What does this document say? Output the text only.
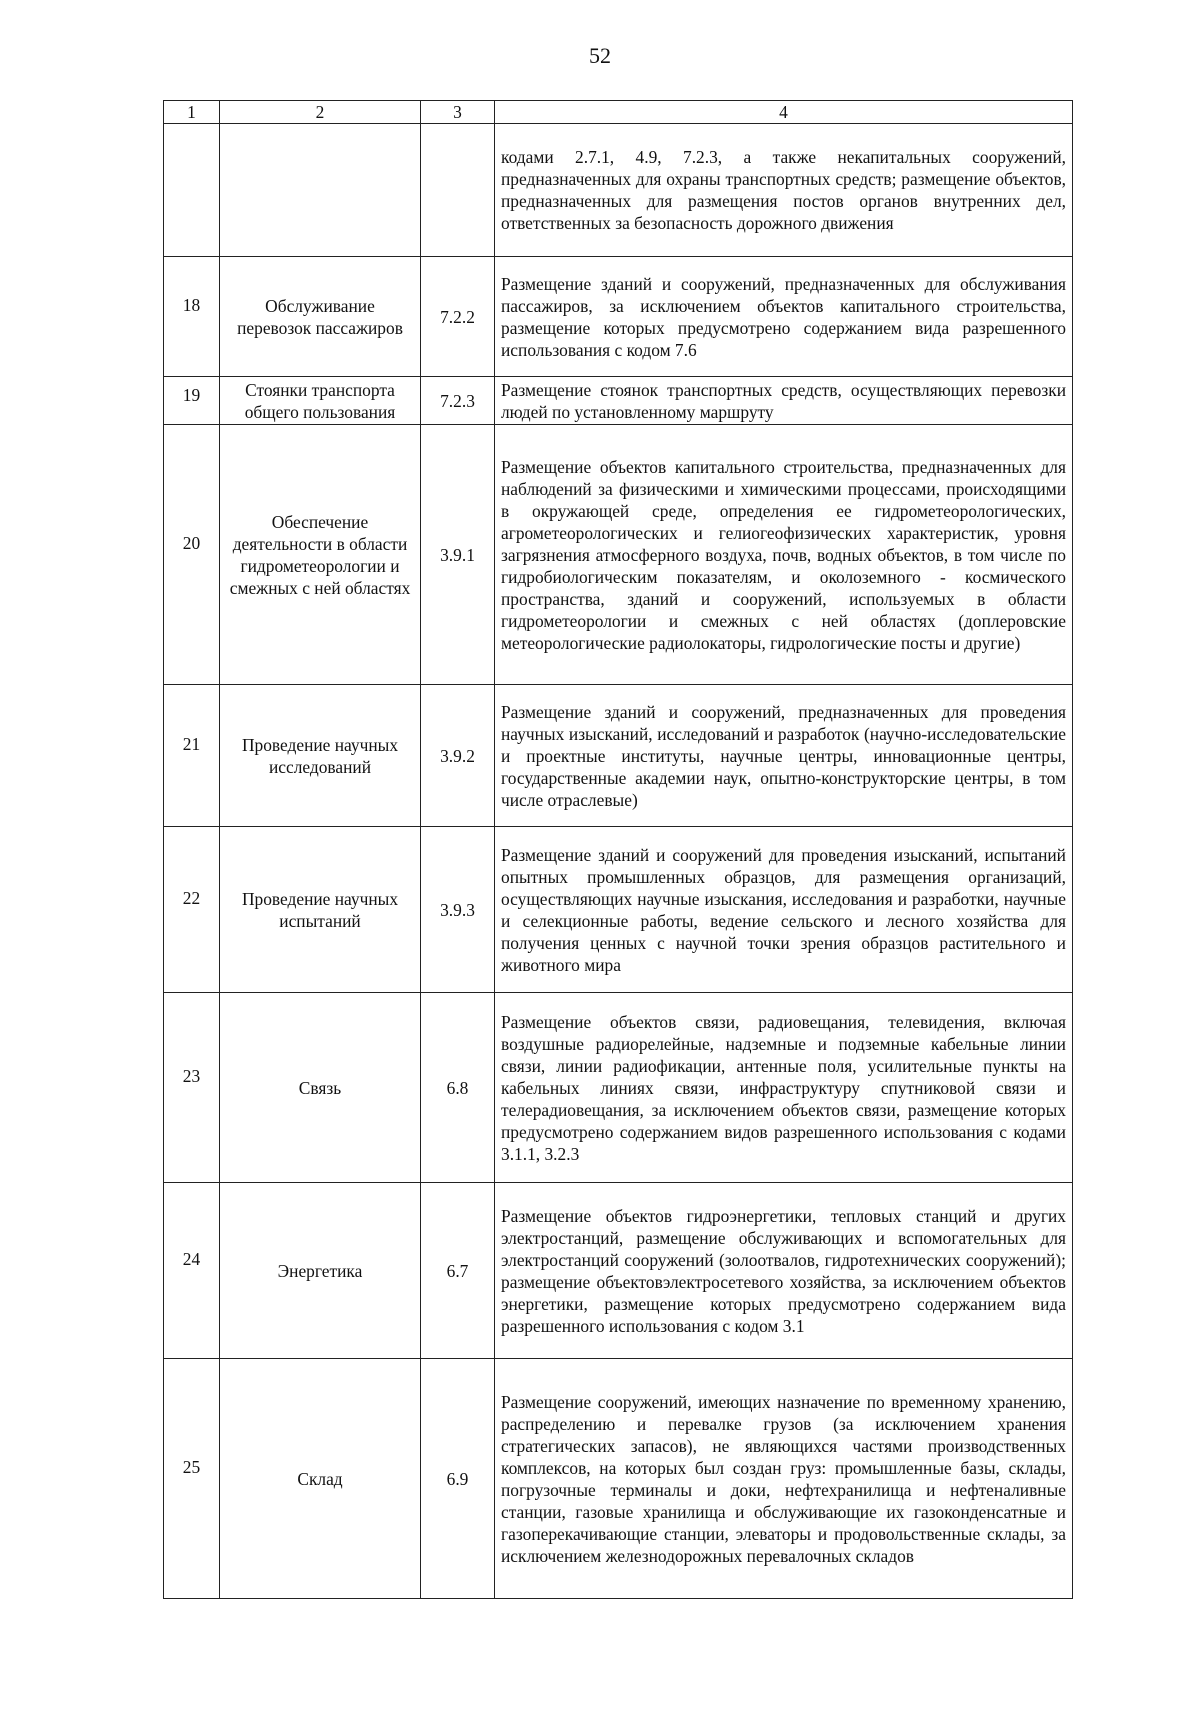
52
1	2	3	4
			кодами 2.7.1, 4.9, 7.2.3, а также некапитальных сооружений, предназначенных для охраны транспортных средств; размещение объектов, предназначенных для размещения постов органов внутренних дел, ответственных за безопасность дорожного движения
18	Обслуживание перевозок пассажиров	7.2.2	Размещение зданий и сооружений, предназначенных для обслуживания пассажиров, за исключением объектов капитального строительства, размещение которых предусмотрено содержанием вида разрешенного использования с кодом 7.6
19	Стоянки транспорта общего пользования	7.2.3	Размещение стоянок транспортных средств, осуществляющих перевозки людей по установленному маршруту
20	Обеспечение деятельности в области гидрометеорологии и смежных с ней областях	3.9.1	Размещение объектов капитального строительства, предназначенных для наблюдений за физическими и химическими процессами, происходящими в окружающей среде, определения ее гидрометеорологических, агрометеорологических и гелиогеофизических характеристик, уровня загрязнения атмосферного воздуха, почв, водных объектов, в том числе по гидробиологическим показателям, и околоземного - космического пространства, зданий и сооружений, используемых в области гидрометеорологии и смежных с ней областях (доплеровские метеорологические радиолокаторы, гидрологические посты и другие)
21	Проведение научных исследований	3.9.2	Размещение зданий и сооружений, предназначенных для проведения научных изысканий, исследований и разработок (научно-исследовательские и проектные институты, научные центры, инновационные центры, государственные академии наук, опытно-конструкторские центры, в том числе отраслевые)
22	Проведение научных испытаний	3.9.3	Размещение зданий и сооружений для проведения изысканий, испытаний опытных промышленных образцов, для размещения организаций, осуществляющих научные изыскания, исследования и разработки, научные и селекционные работы, ведение сельского и лесного хозяйства для получения ценных с научной точки зрения образцов растительного и животного мира
23	Связь	6.8	Размещение объектов связи, радиовещания, телевидения, включая воздушные радиорелейные, надземные и подземные кабельные линии связи, линии радиофикации, антенные поля, усилительные пункты на кабельных линиях связи, инфраструктуру спутниковой связи и телерадиовещания, за исключением объектов связи, размещение которых предусмотрено содержанием видов разрешенного использования с кодами 3.1.1, 3.2.3
24	Энергетика	6.7	Размещение объектов гидроэнергетики, тепловых станций и других электростанций, размещение обслуживающих и вспомогательных для электростанций сооружений (золоотвалов, гидротехнических сооружений); размещение объектовэлектросетевого хозяйства, за исключением объектов энергетики, размещение которых предусмотрено содержанием вида разрешенного использования с кодом 3.1
25	Склад	6.9	Размещение сооружений, имеющих назначение по временному хранению, распределению и перевалке грузов (за исключением хранения стратегических запасов), не являющихся частями производственных комплексов, на которых был создан груз: промышленные базы, склады, погрузочные терминалы и доки, нефтехранилища и нефтеналивные станции, газовые хранилища и обслуживающие их газоконденсатные и газоперекачивающие станции, элеваторы и продовольственные склады, за исключением железнодорожных перевалочных складов
